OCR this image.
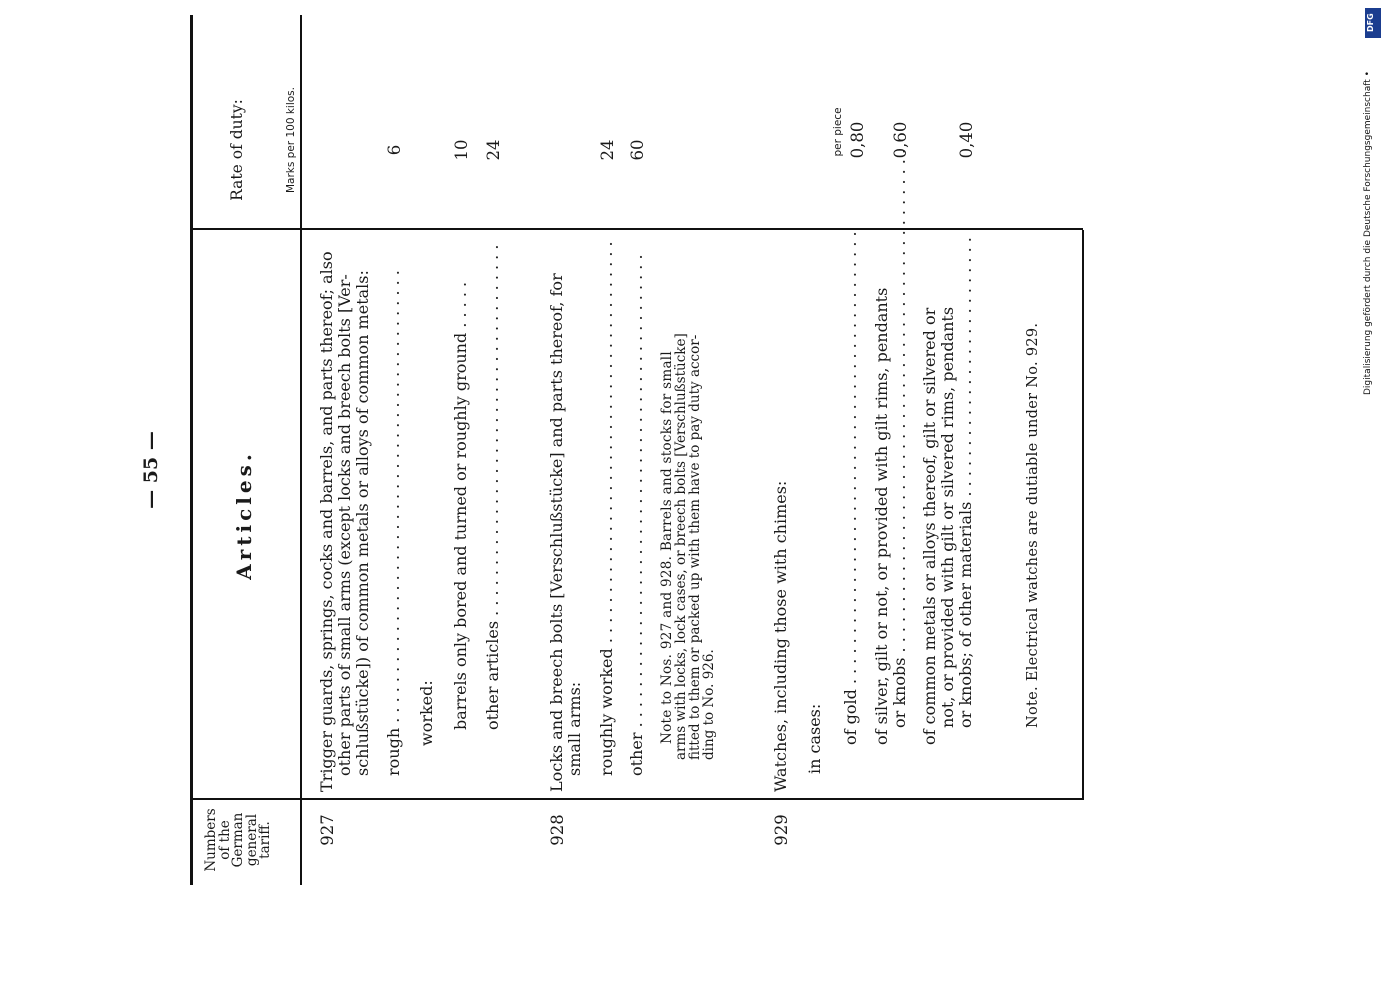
— 55 —
Numbers
of the
German
general
tariff.
Articles.
Rate of duty:	Marks per 100 kilos.
927
Trigger guards, springs, cocks and barrels, and parts thereof; also other parts of small arms (except locks and breech bolts [Ver- schlußstücke]) of common metals or alloys of common metals: rough . . . . . . . . . . . . . . . . . . . . . . . . . . . . . . . . . . . . . . . . . . . . .
6
worked: barrels only bored and turned or roughly ground . . . . .
10
other articles . . . . . . . . . . . . . . . . . . . . . . . . . . . . . . . . . . . . .
24
928
Locks and breech bolts [Verschlußstücke] and parts thereof, for small arms: roughly worked . . . . . . . . . . . . . . . . . . . . . . . . . . . . . . . . . . . . . . . .
24
other . . . . . . . . . . . . . . . . . . . . . . . . . . . . . . . . . . . . . . . . . . . . . . .
60
Note to Nos. 927 and 928. Barrels and stocks for small
arms with locks, lock cases, or breech bolts [Verschlußstücke]
fitted to them or packed up with them have to pay duty accor-
ding to No. 926.
929
Watches, including those with chimes: in cases:
per piece
of gold . . . . . . . . . . . . . . . . . . . . . . . . . . . . . . . . . . . . . . . . . . . . .
0,80
of silver, gilt or not, or provided with gilt rims, pendants or knobs . . . . . . . . . . . . . . . . . . . . . . . . . . . . . . . . . . . . . . . . . . . . . . . . . .
0,60
of common metals or alloys thereof, gilt or silvered or not, or provided with gilt or silvered rims, pendants or knobs; of other materials . . . . . . . . . . . . . . . . . . . . . . . . . .
0,40
Note. Electrical watches are dutiable under No. 929.
Digitalisierung gefördert durch die Deutsche Forschungsgemeinschaft •
DFG
